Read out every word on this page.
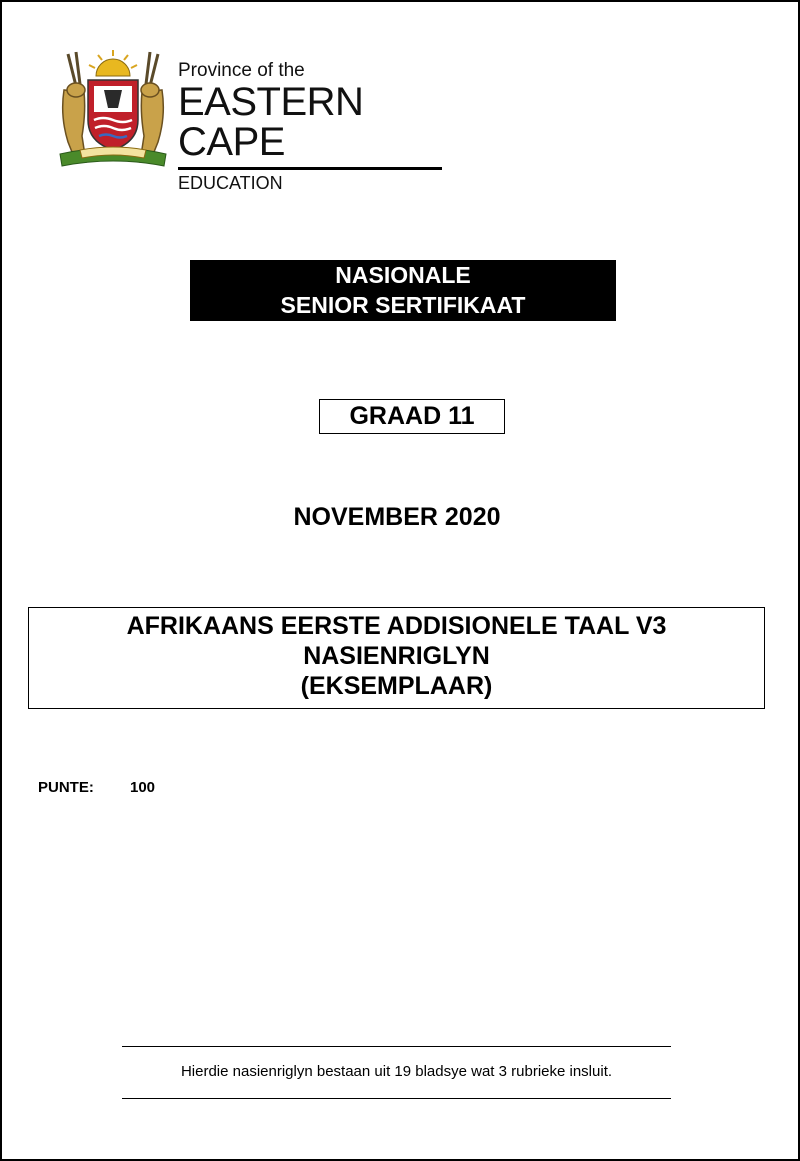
Province of the
EASTERN CAPE
EDUCATION
NASIONALE
SENIOR SERTIFIKAAT
GRAAD 11
NOVEMBER 2020
AFRIKAANS EERSTE ADDISIONELE TAAL V3
NASIENRIGLYN
(EKSEMPLAAR)
PUNTE: 100
Hierdie nasienriglyn bestaan uit 19 bladsye wat 3 rubrieke insluit.
